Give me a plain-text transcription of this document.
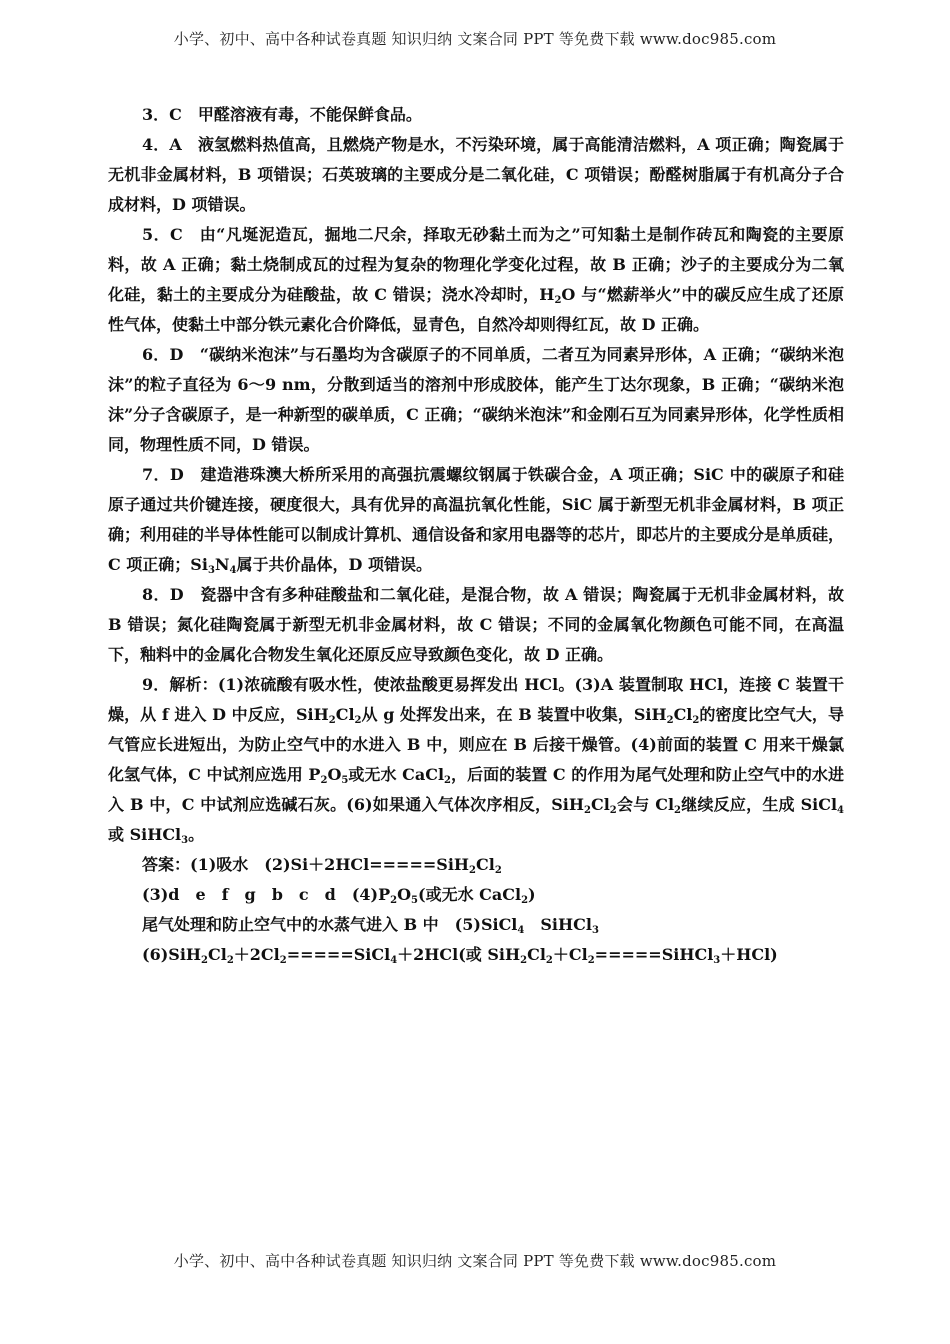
小学、初中、高中各种试卷真题 知识归纳 文案合同 PPT 等免费下载 www.doc985.com

3．C　 甲醛溶液有毒，不能保鲜食品。

4．A　 液氢燃料热值高，且燃烧产物是水，不污染环境，属于高能清洁燃料，A 项正确；陶瓷属于无机非金属材料，B 项错误；石英玻璃的主要成分是二氧化硅，C 项错误；酚醛树脂属于有机高分子合成材料，D 项错误。

5．C　 由“凡埏泥造瓦，掘地二尺余，择取无砂黏土而为之”可知黏土是制作砖瓦和陶瓷的主要原料，故 A 正确；黏土烧制成瓦的过程为复杂的物理化学变化过程，故 B 正确；沙子的主要成分为二氧化硅，黏土的主要成分为硅酸盐，故 C 错误；浇水冷却时，$H_2O$ 与“燃薪举火”中的碳反应生成了还原性气体，使黏土中部分铁元素化合价降低，显青色，自然冷却则得红瓦，故 D 正确。

6．D　 “碳纳米泡沫”与石墨均为含碳原子的不同单质，二者互为同素异形体，A 正确；“碳纳米泡沫”的粒子直径为 6～9 nm，分散到适当的溶剂中形成胶体，能产生丁达尔现象，B 正确；“碳纳米泡沫”分子含碳原子，是一种新型的碳单质，C 正确；“碳纳米泡沫”和金刚石互为同素异形体，化学性质相同，物理性质不同，D 错误。

7．D　 建造港珠澳大桥所采用的高强抗震螺纹钢属于铁碳合金，A 项正确；SiC 中的碳原子和硅原子通过共价键连接，硬度很大，具有优异的高温抗氧化性能，SiC 属于新型无机非金属材料，B 项正确；利用硅的半导体性能可以制成计算机、通信设备和家用电器等的芯片，即芯片的主要成分是单质硅，C 项正确；$Si_3N_4$属于共价晶体，D 项错误。

8．D　 瓷器中含有多种硅酸盐和二氧化硅，是混合物，故 A 错误；陶瓷属于无机非金属材料，故 B 错误；氮化硅陶瓷属于新型无机非金属材料，故 C 错误；不同的金属氧化物颜色可能不同，在高温下，釉料中的金属化合物发生氧化还原反应导致颜色变化，故 D 正确。

9．解析：(1)浓硫酸有吸水性，使浓盐酸更易挥发出 HCl。(3)A 装置制取 HCl，连接 C 装置干燥，从 f 进入 D 中反应，$SiH_2Cl_2$从 g 处挥发出来，在 B 装置中收集，$SiH_2Cl_2$的密度比空气大，导气管应长进短出，为防止空气中的水进入 B 中，则应在 B 后接干燥管。(4)前面的装置 C 用来干燥氯化氢气体，C 中试剂应选用 $P_2O_5$或无水 CaCl$_2$，后面的装置 C 的作用为尾气处理和防止空气中的水进入 B 中，C 中试剂应选碱石灰。(6)如果通入气体次序相反，$SiH_2Cl_2$会与 $Cl_2$继续反应，生成 SiCl$_4$或 SiHCl$_3$。

答案：(1)吸水　$(2)Si+2HCl=====SiH_2Cl_2$

(3)d　e　f　g　b　c　d　$(4)P_2O_5$(或无水 CaCl$_2$)

尾气处理和防止空气中的水蒸气进入 B 中　(5)SiCl$_4$　SiHCl$_3$

$(6)SiH_2Cl_2+2Cl_2=====SiCl_4+2HCl$(或 $SiH_2Cl_2+Cl_2=====SiHCl_3+HCl$)

小学、初中、高中各种试卷真题 知识归纳 文案合同 PPT 等免费下载 www.doc985.com
